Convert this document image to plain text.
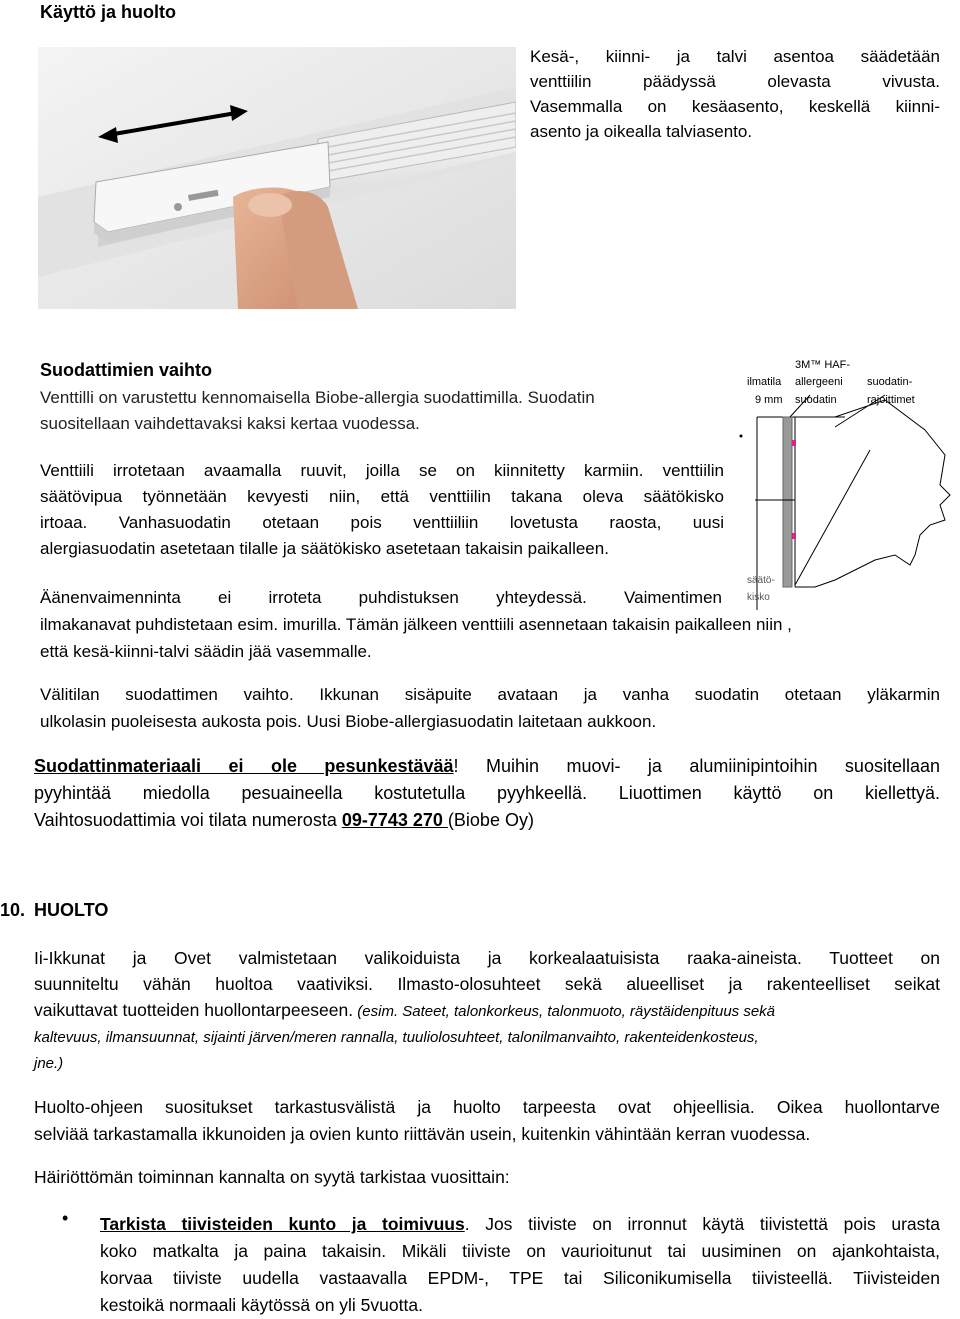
Käyttö ja huolto
Kesä-, kiinni- ja talvi asentoa säädetään
venttiilin päädyssä olevasta vivusta.
Vasemmalla on kesäasento, keskellä kiinni-
asento ja oikealla talviasento.
Suodattimien vaihto
Venttilli on varustettu kennomaisella Biobe-allergia suodattimilla. Suodatin
suositellaan vaihdettavaksi kaksi kertaa vuodessa.
Venttiili irrotetaan avaamalla ruuvit, joilla se on kiinnitetty karmiin. venttiilin
säätövipua työnnetään kevyesti niin, että venttiilin takana oleva säätökisko
irtoaa. Vanhasuodatin otetaan pois venttiiliin lovetusta raosta, uusi
alergiasuodatin asetetaan tilalle ja säätökisko asetetaan takaisin paikalleen.
Äänenvaimenninta ei irroteta puhdistuksen yhteydessä. Vaimentimen
ilmakanavat puhdistetaan esim. imurilla. Tämän jälkeen venttiili asennetaan takaisin paikalleen niin ,
että kesä-kiinni-talvi säädin jää vasemmalle.
3M™ HAF-
ilmatila allergeeni suodatin-
9 mm suodatin	rajoittimet
säätö-
kisko
Välitilan suodattimen vaihto. Ikkunan sisäpuite avataan ja vanha suodatin otetaan yläkarmin
ulkolasin puoleisesta aukosta pois. Uusi Biobe-allergiasuodatin laitetaan aukkoon.
Suodattinmateriaali ei ole pesunkestävää! Muihin muovi- ja alumiinipintoihin suositellaan
pyyhintää miedolla pesuaineella kostutetulla pyyhkeellä. Liuottimen käyttö on kiellettyä.
Vaihtosuodattimia voi tilata numerosta 09-7743 270 (Biobe Oy)
10. HUOLTO
Ii-Ikkunat ja Ovet valmistetaan valikoiduista ja korkealaatuisista raaka-aineista. Tuotteet on
suunniteltu vähän huoltoa vaativiksi. Ilmasto-olosuhteet sekä alueelliset ja rakenteelliset seikat
vaikuttavat tuotteiden huollontarpeeseen. (esim. Sateet, talonkorkeus, talonmuoto, räystäidenpituus sekä
kaltevuus, ilmansuunnat, sijainti järven/meren rannalla, tuuliolosuhteet, talonilmanvaihto, rakenteidenkosteus,
jne.)
Huolto-ohjeen suositukset tarkastusvälistä ja huolto tarpeesta ovat ohjeellisia. Oikea huollontarve
selviää tarkastamalla ikkunoiden ja ovien kunto riittävän usein, kuitenkin vähintään kerran vuodessa.
Häiriöttömän toiminnan kannalta on syytä tarkistaa vuosittain:
• Tarkista tiivisteiden kunto ja toimivuus. Jos tiiviste on irronnut käytä tiivistettä pois urasta
koko matkalta ja paina takaisin. Mikäli tiiviste on vaurioitunut tai uusiminen on ajankohtaista,
korvaa tiiviste uudella vastaavalla EPDM-, TPE tai Siliconikumisella tiivisteellä. Tiivisteiden
kestoikä normaali käytössä on yli 5vuotta.
